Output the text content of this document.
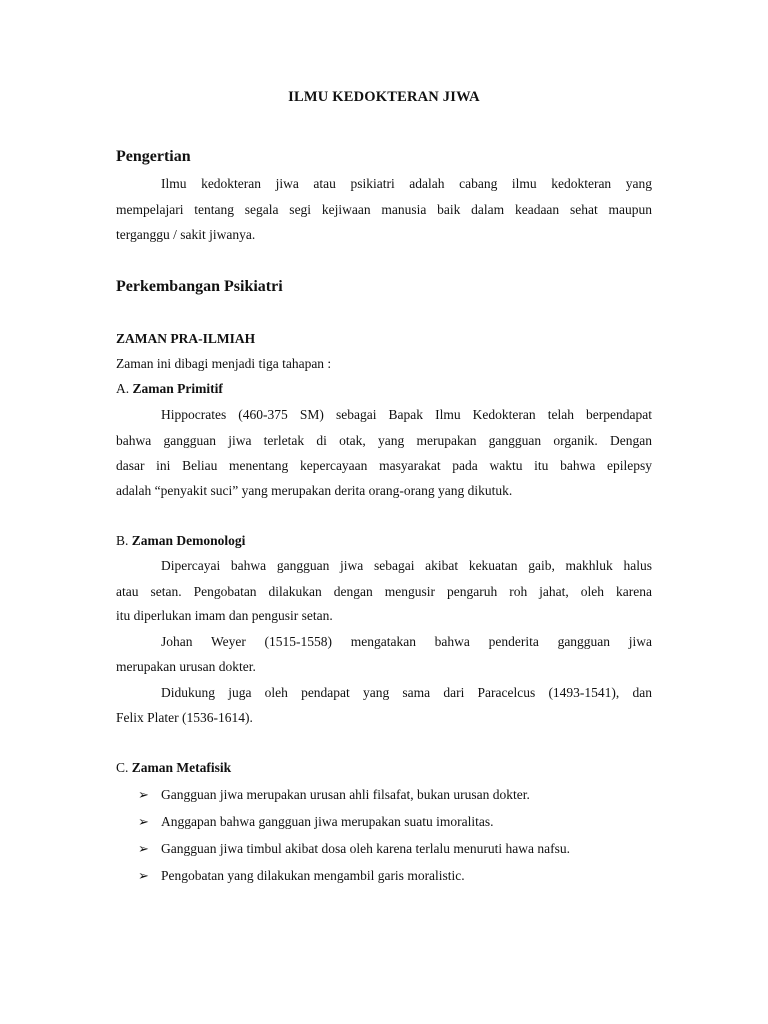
ILMU KEDOKTERAN JIWA
Pengertian
Ilmu kedokteran jiwa atau psikiatri adalah cabang ilmu kedokteran yang
mempelajari tentang segala segi kejiwaan manusia baik dalam keadaan sehat maupun
terganggu / sakit jiwanya.
Perkembangan Psikiatri
ZAMAN PRA-ILMIAH
Zaman ini dibagi menjadi tiga tahapan :
A. Zaman Primitif
Hippocrates (460-375 SM) sebagai Bapak Ilmu Kedokteran telah berpendapat
bahwa gangguan jiwa terletak di otak, yang merupakan gangguan organik. Dengan
dasar ini Beliau menentang kepercayaan masyarakat pada waktu itu bahwa epilepsy
adalah “penyakit suci” yang merupakan derita orang-orang yang dikutuk.
B. Zaman Demonologi
Dipercayai bahwa gangguan jiwa sebagai akibat kekuatan gaib, makhluk halus
atau setan. Pengobatan dilakukan dengan mengusir pengaruh roh jahat, oleh karena
itu diperlukan imam dan pengusir setan.
Johan Weyer (1515-1558) mengatakan bahwa penderita gangguan jiwa
merupakan urusan dokter.
Didukung juga oleh pendapat yang sama dari Paracelcus (1493-1541), dan
Felix Plater (1536-1614).
C. Zaman Metafisik
➢ Gangguan jiwa merupakan urusan ahli filsafat, bukan urusan dokter.
➢ Anggapan bahwa gangguan jiwa merupakan suatu imoralitas.
➢ Gangguan jiwa timbul akibat dosa oleh karena terlalu menuruti hawa nafsu.
➢ Pengobatan yang dilakukan mengambil garis moralistic.
